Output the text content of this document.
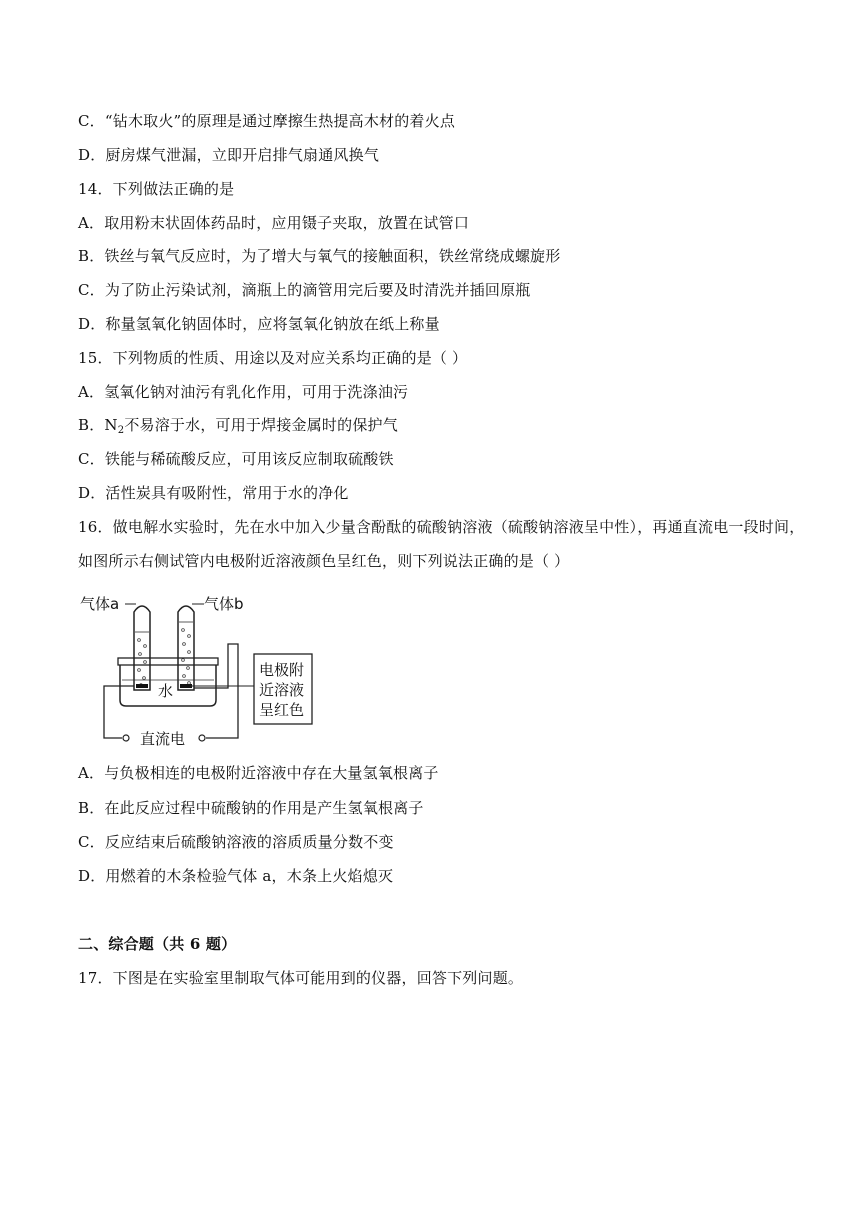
C．“钻木取火”的原理是通过摩擦生热提高木材的着火点
D．厨房煤气泄漏，立即开启排气扇通风换气
14．下列做法正确的是
A．取用粉末状固体药品时，应用镊子夹取，放置在试管口
B．铁丝与氧气反应时，为了增大与氧气的接触面积，铁丝常绕成螺旋形
C．为了防止污染试剂，滴瓶上的滴管用完后要及时清洗并插回原瓶
D．称量氢氧化钠固体时，应将氢氧化钠放在纸上称量
15．下列物质的性质、用途以及对应关系均正确的是（ ）
A．氢氧化钠对油污有乳化作用，可用于洗涤油污
B．$N_2$不易溶于水，可用于焊接金属时的保护气
C．铁能与稀硫酸反应，可用该反应制取硫酸铁
D．活性炭具有吸附性，常用于水的净化
16．做电解水实验时，先在水中加入少量含酚酞的硫酸钠溶液（硫酸钠溶液呈中性），再通直流电一段时间，
如图所示右侧试管内电极附近溶液颜色呈红色，则下列说法正确的是（ ）
气体a	气体b
水
电极附
近溶液
呈红色
直流电
A．与负极相连的电极附近溶液中存在大量氢氧根离子
B．在此反应过程中硫酸钠的作用是产生氢氧根离子
C．反应结束后硫酸钠溶液的溶质质量分数不变
D．用燃着的木条检验气体 a，木条上火焰熄灭
二、综合题（共 6 题）
17．下图是在实验室里制取气体可能用到的仪器，回答下列问题。
